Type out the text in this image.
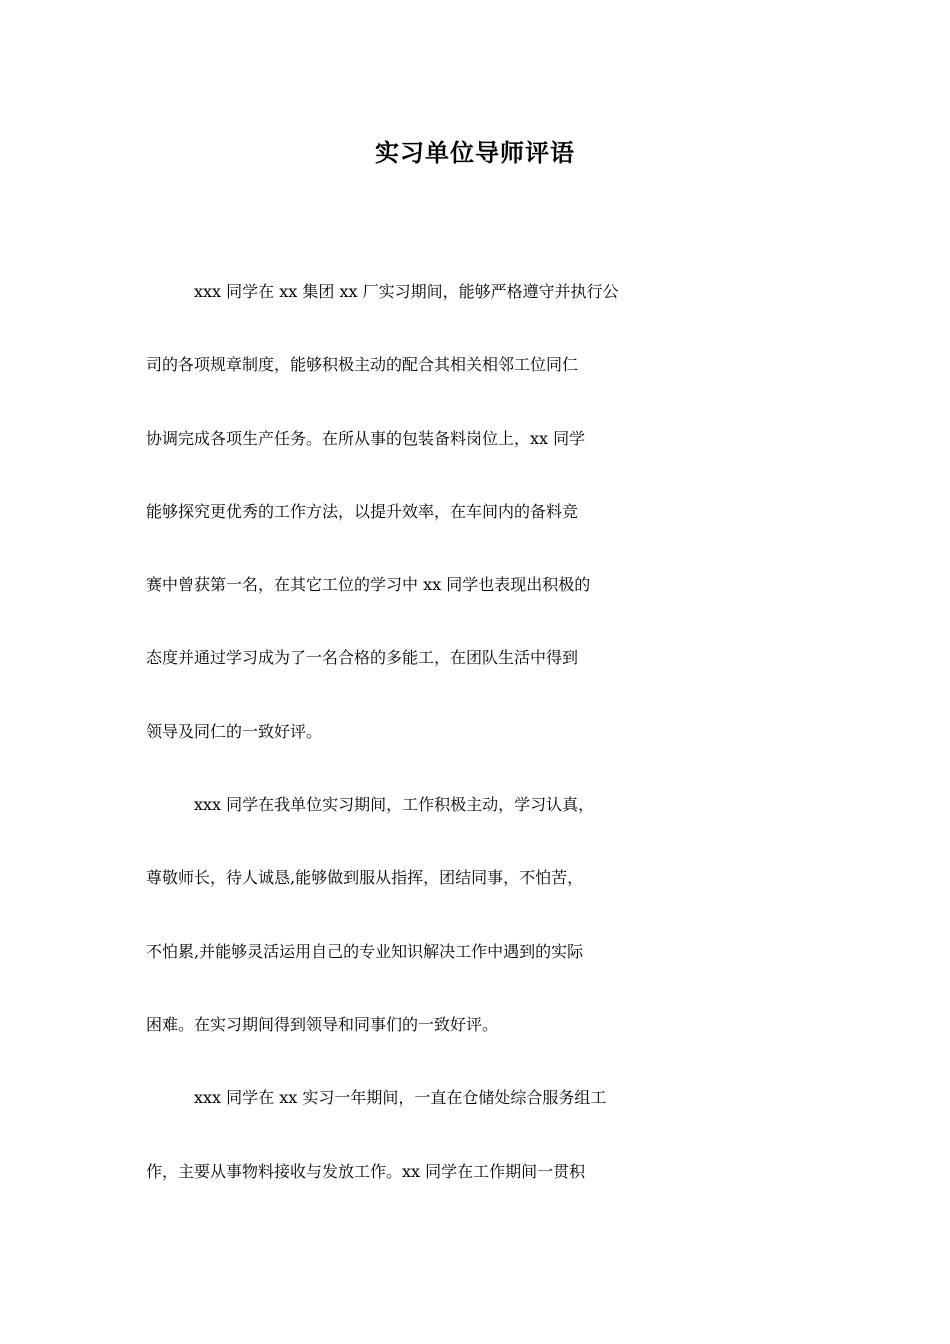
实习单位导师评语
xxx 同学在 xx 集团 xx 厂实习期间，能够严格遵守并执行公
司的各项规章制度，能够积极主动的配合其相关相邻工位同仁
协调完成各项生产任务。在所从事的包装备料岗位上，xx 同学
能够探究更优秀的工作方法，以提升效率，在车间内的备料竞
赛中曾获第一名，在其它工位的学习中 xx 同学也表现出积极的
态度并通过学习成为了一名合格的多能工，在团队生活中得到
领导及同仁的一致好评。
xxx 同学在我单位实习期间，工作积极主动，学习认真，
尊敬师长，待人诚恳,能够做到服从指挥，团结同事，不怕苦，
不怕累,并能够灵活运用自己的专业知识解决工作中遇到的实际
困难。在实习期间得到领导和同事们的一致好评。
xxx 同学在 xx 实习一年期间，一直在仓储处综合服务组工
作，主要从事物料接收与发放工作。xx 同学在工作期间一贯积
